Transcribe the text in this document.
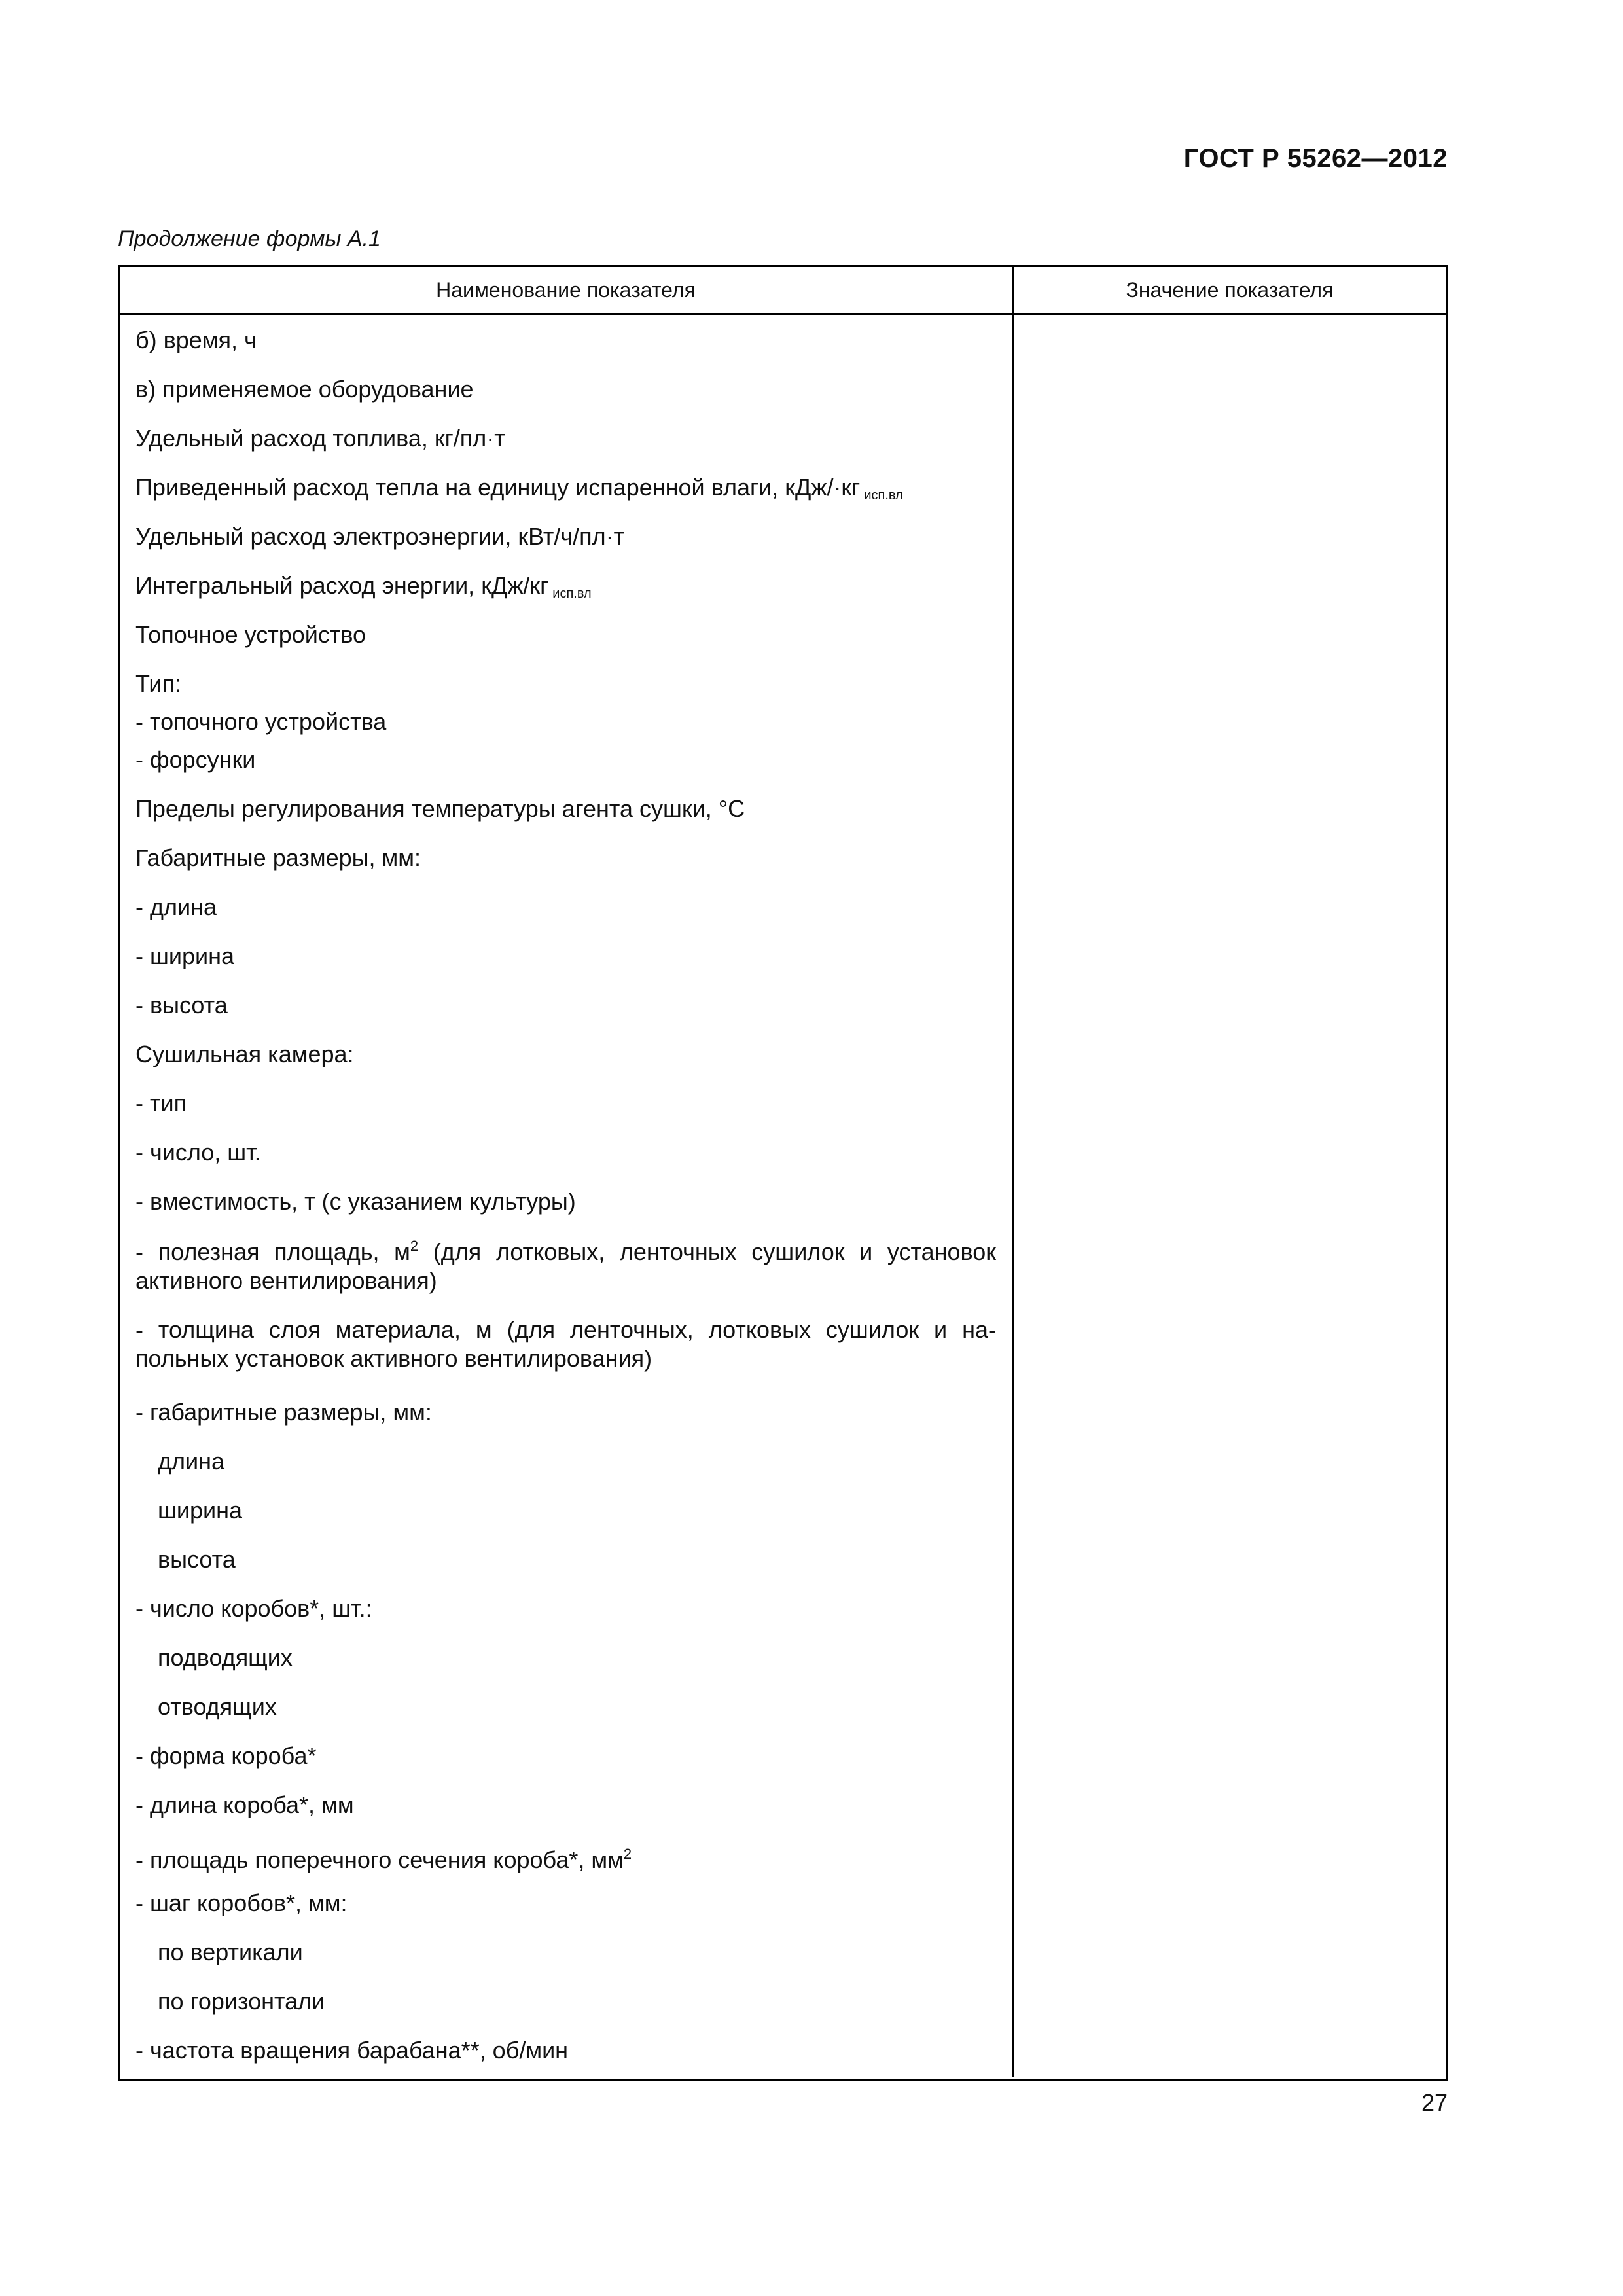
ГОСТ Р 55262—2012
Продолжение формы А.1
Наименование показателя	Значение показателя
б) время, ч
в) применяемое оборудование
Удельный расход топлива, кг/пл·т
Приведенный расход тепла на единицу испаренной влаги, кДж/·кг $_{исп.вл}$
Удельный расход электроэнергии, кВт/ч/пл·т
Интегральный расход энергии, кДж/кг $_{исп.вл}$
Топочное устройство
Тип:
- топочного устройства
- форсунки
Пределы регулирования температуры агента сушки, °С
Габаритные размеры, мм:
- длина
- ширина
- высота
Сушильная камера:
- тип
- число, шт.
- вместимость, т (с указанием культуры)
- полезная площадь, $м^2$ (для лотковых, ленточных сушилок и установок активного вентилирования)
- толщина слоя материала, м (для ленточных, лотковых сушилок и напольных установок активного вентилирования)
- габаритные размеры, мм:
длина
ширина
высота
- число коробов*, шт.:
подводящих
отводящих
- форма короба*
- длина короба*, мм
- площадь поперечного сечения короба*, $мм^2$
- шаг коробов*, мм:
по вертикали
по горизонтали
- частота вращения барабана**, об/мин
27
